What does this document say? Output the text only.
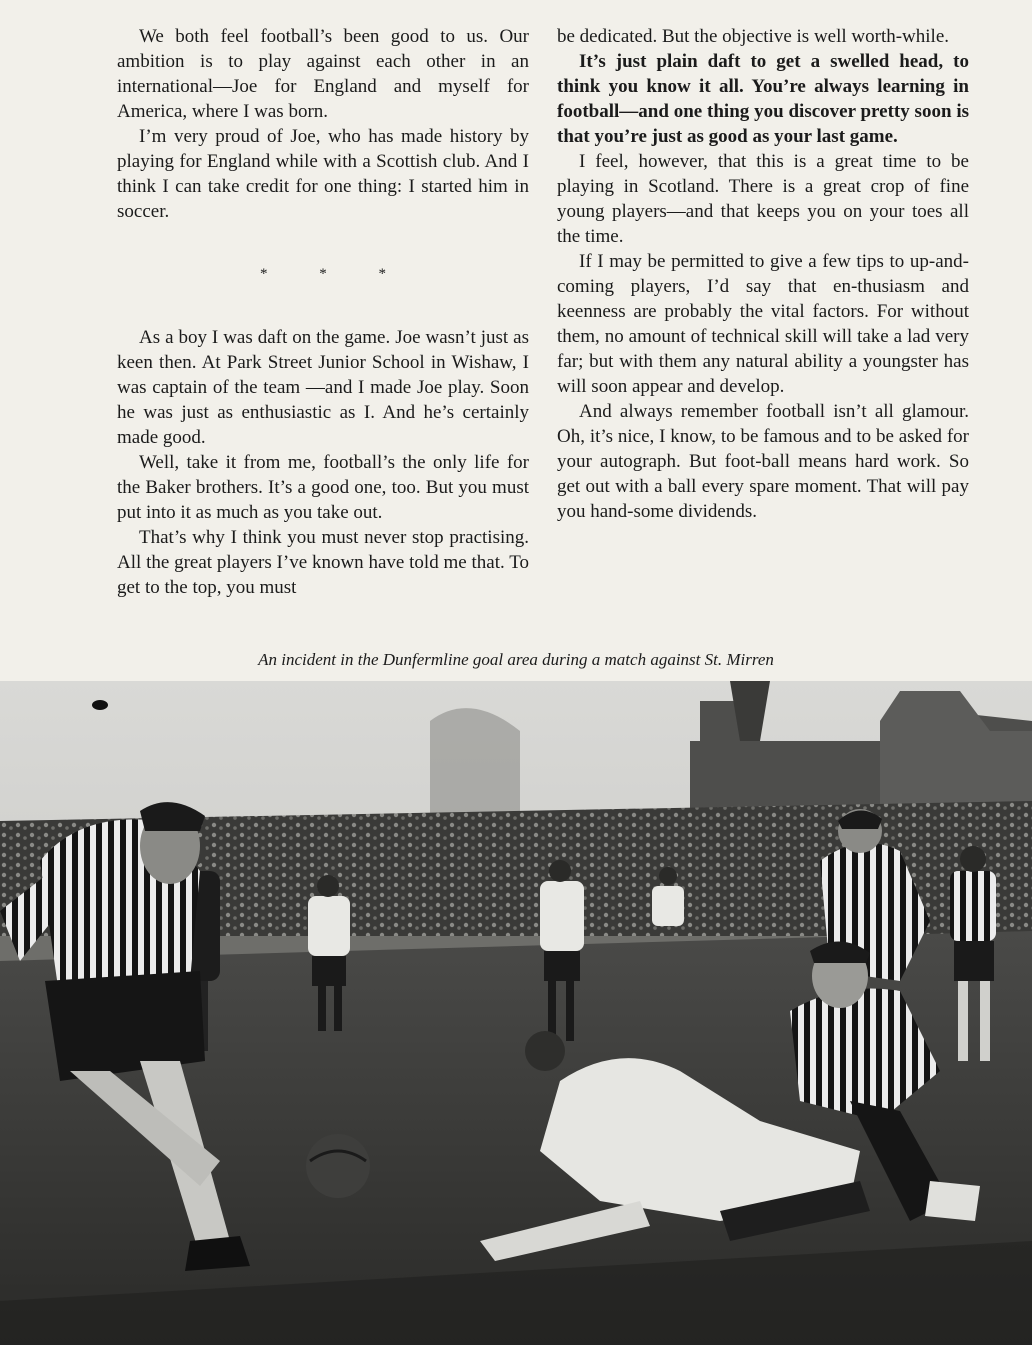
We both feel football’s been good to us. Our ambition is to play against each other in an international—Joe for England and myself for America, where I was born.

I’m very proud of Joe, who has made history by playing for England while with a Scottish club. And I think I can take credit for one thing: I started him in soccer.

* * *

As a boy I was daft on the game. Joe wasn’t just as keen then. At Park Street Junior School in Wishaw, I was captain of the team —and I made Joe play. Soon he was just as enthusiastic as I. And he’s certainly made good.

Well, take it from me, football’s the only life for the Baker brothers. It’s a good one, too. But you must put into it as much as you take out.

That’s why I think you must never stop practising. All the great players I’ve known have told me that. To get to the top, you must

be dedicated. But the objective is well worth-while.

It’s just plain daft to get a swelled head, to think you know it all. You’re always learning in football—and one thing you discover pretty soon is that you’re just as good as your last game.

I feel, however, that this is a great time to be playing in Scotland. There is a great crop of fine young players—and that keeps you on your toes all the time.

If I may be permitted to give a few tips to up-and-coming players, I’d say that en-thusiasm and keenness are probably the vital factors. For without them, no amount of technical skill will take a lad very far; but with them any natural ability a youngster has will soon appear and develop.

And always remember football isn’t all glamour. Oh, it’s nice, I know, to be famous and to be asked for your autograph. But foot-ball means hard work. So get out with a ball every spare moment. That will pay you hand-some dividends.

An incident in the Dunfermline goal area during a match against St. Mirren
